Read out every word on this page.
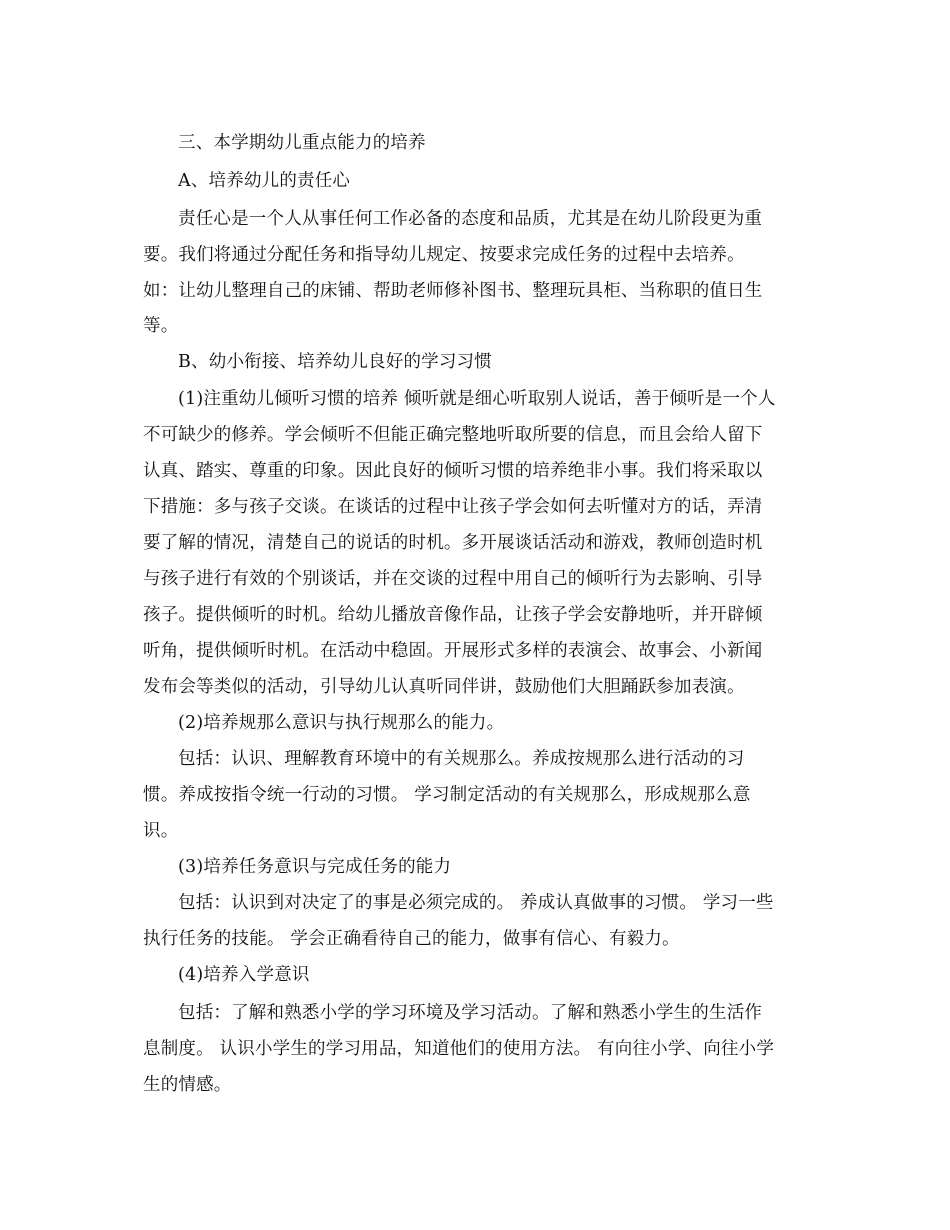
三、本学期幼儿重点能力的培养
A、培养幼儿的责任心
责任心是一个人从事任何工作必备的态度和品质，尤其是在幼儿阶段更为重
要。我们将通过分配任务和指导幼儿规定、按要求完成任务的过程中去培养。
如：让幼儿整理自己的床铺、帮助老师修补图书、整理玩具柜、当称职的值日生
等。
B、幼小衔接、培养幼儿良好的学习习惯
(1)注重幼儿倾听习惯的培养 倾听就是细心听取别人说话，善于倾听是一个人
不可缺少的修养。学会倾听不但能正确完整地听取所要的信息，而且会给人留下
认真、踏实、尊重的印象。因此良好的倾听习惯的培养绝非小事。我们将采取以
下措施：多与孩子交谈。在谈话的过程中让孩子学会如何去听懂对方的话，弄清
要了解的情况，清楚自己的说话的时机。多开展谈话活动和游戏，教师创造时机
与孩子进行有效的个别谈话，并在交谈的过程中用自己的倾听行为去影响、引导
孩子。提供倾听的时机。给幼儿播放音像作品，让孩子学会安静地听，并开辟倾
听角，提供倾听时机。在活动中稳固。开展形式多样的表演会、故事会、小新闻
发布会等类似的活动，引导幼儿认真听同伴讲，鼓励他们大胆踊跃参加表演。
(2)培养规那么意识与执行规那么的能力。
包括：认识、理解教育环境中的有关规那么。养成按规那么进行活动的习
惯。养成按指令统一行动的习惯。 学习制定活动的有关规那么，形成规那么意
识。
(3)培养任务意识与完成任务的能力
包括：认识到对决定了的事是必须完成的。 养成认真做事的习惯。 学习一些
执行任务的技能。 学会正确看待自己的能力，做事有信心、有毅力。
(4)培养入学意识
包括：了解和熟悉小学的学习环境及学习活动。了解和熟悉小学生的生活作
息制度。 认识小学生的学习用品，知道他们的使用方法。 有向往小学、向往小学
生的情感。
